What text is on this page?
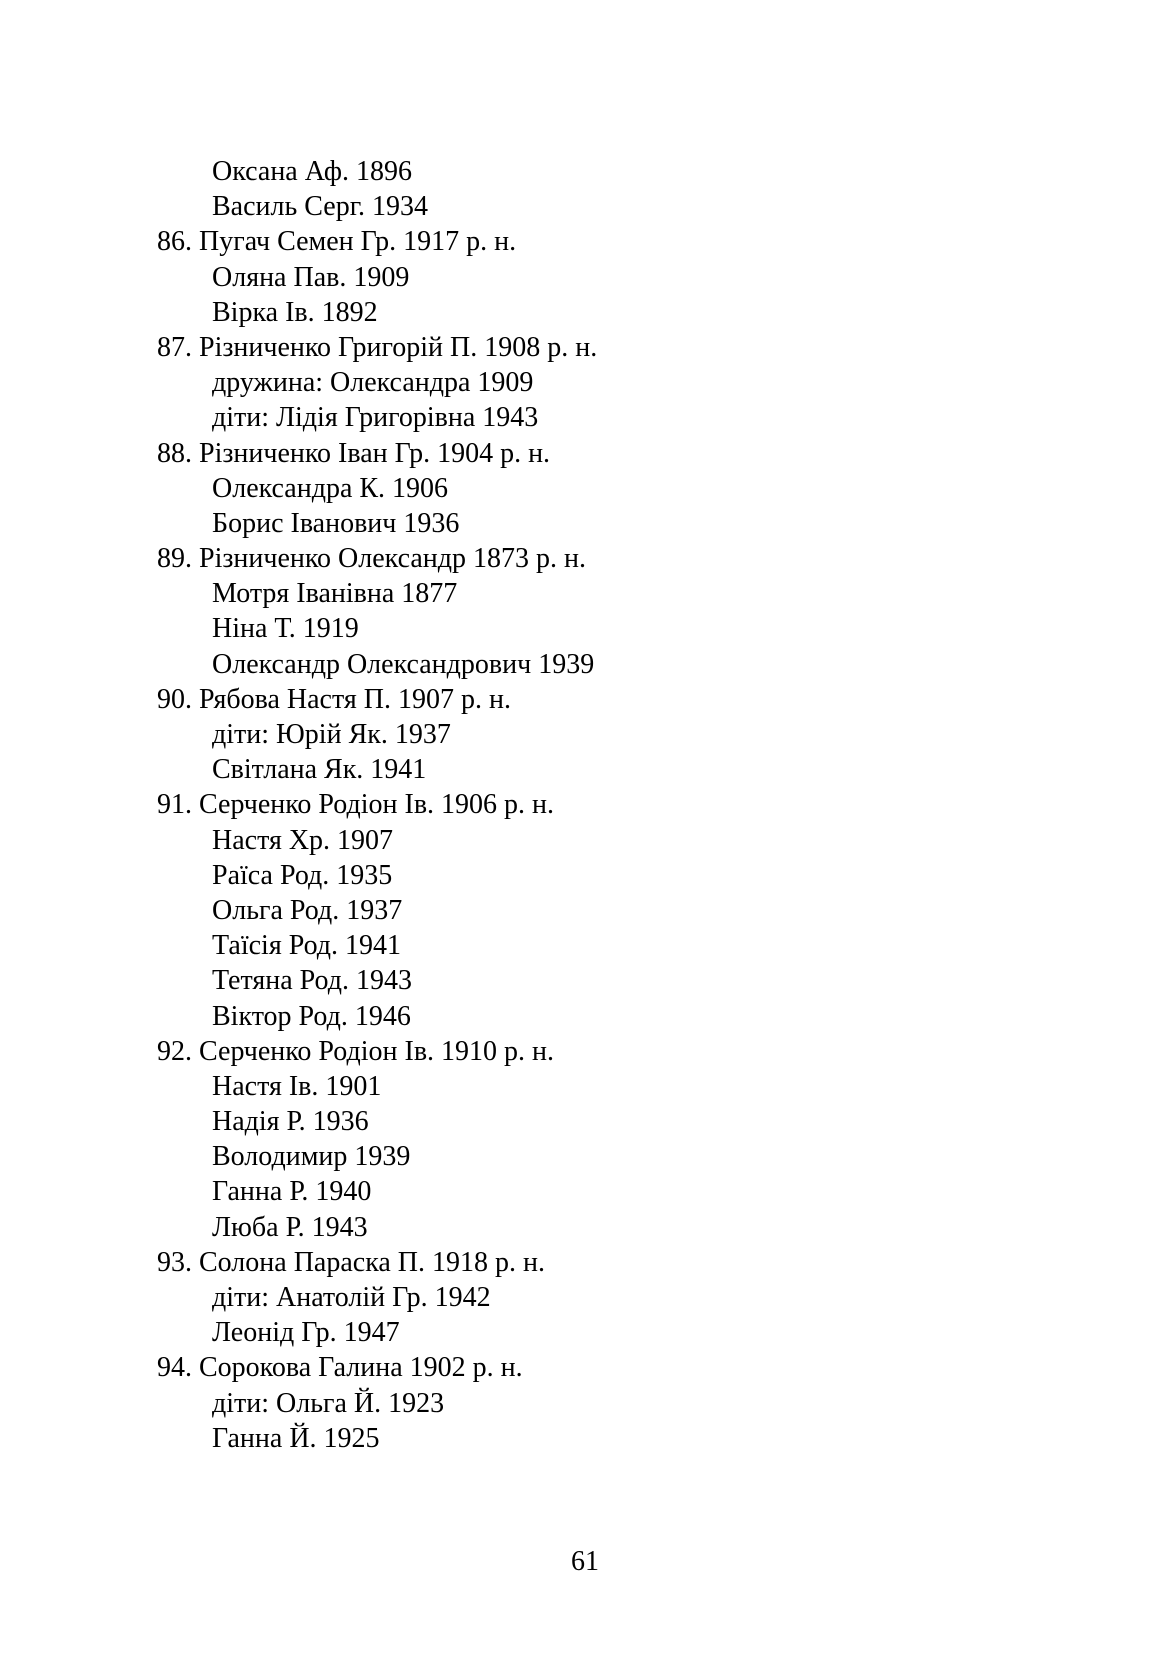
Оксана Аф. 1896
Василь Серг. 1934
86. Пугач Семен Гр. 1917 р. н.
Оляна Пав. 1909
Вірка Ів. 1892
87. Різниченко Григорій П. 1908 р. н.
дружина: Олександра 1909
діти: Лідія Григорівна 1943
88. Різниченко Іван Гр. 1904 р. н.
Олександра К. 1906
Борис Іванович 1936
89. Різниченко Олександр 1873 р. н.
Мотря Іванівна 1877
Ніна Т. 1919
Олександр Олександрович 1939
90. Рябова Настя П. 1907 р. н.
діти: Юрій Як. 1937
Світлана Як. 1941
91. Серченко Родіон Ів. 1906 р. н.
Настя Хр. 1907
Раїса Род. 1935
Ольга Род. 1937
Таїсія Род. 1941
Тетяна Род. 1943
Віктор Род. 1946
92. Серченко Родіон Ів. 1910 р. н.
Настя Ів. 1901
Надія Р. 1936
Володимир 1939
Ганна Р. 1940
Люба Р. 1943
93. Солона Параска П. 1918 р. н.
діти: Анатолій Гр. 1942
Леонід Гр. 1947
94. Сорокова Галина 1902 р. н.
діти: Ольга Й. 1923
Ганна Й. 1925
61
